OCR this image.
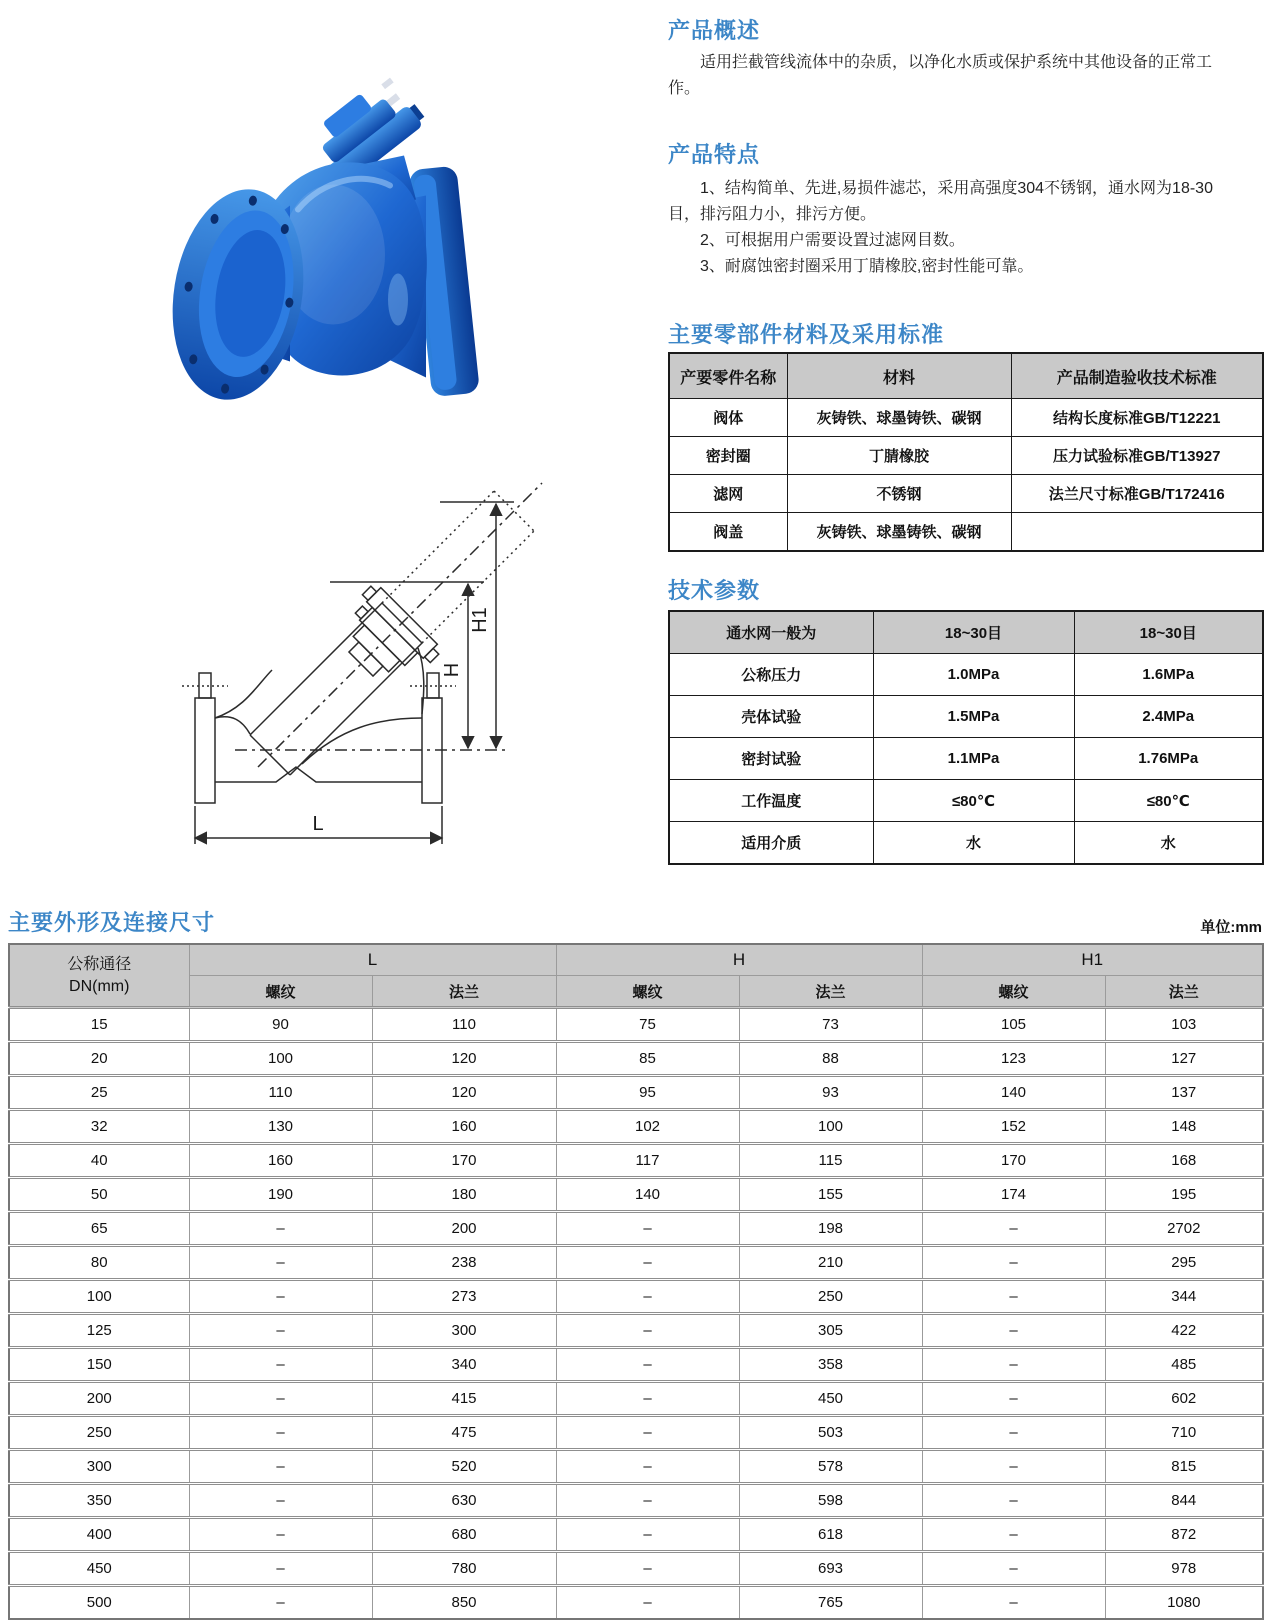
产品概述

适用拦截管线流体中的杂质，以净化水质或保护系统中其他设备的正常工作。

产品特点

1、结构简单、先进,易损件滤芯，采用高强度304不锈钢，通水网为18-30目，排污阻力小，排污方便。

2、可根据用户需要设置过滤网目数。

3、耐腐蚀密封圈采用丁腈橡胶,密封性能可靠。

主要零部件材料及采用标准
产要零件名称	材料	产品制造验收技术标准
阀体	灰铸铁、球墨铸铁、碳钢	结构长度标准GB/T12221
密封圈	丁腈橡胶	压力试验标准GB/T13927
滤网	不锈钢	法兰尺寸标准GB/T172416
阀盖	灰铸铁、球墨铸铁、碳钢	
技术参数
通水网一般为	18~30目	18~30目
公称压力	1.0MPa	1.6MPa
壳体试验	1.5MPa	2.4MPa
密封试验	1.1MPa	1.76MPa
工作温度	≤80℃	≤80℃
适用介质	水	水
L
H
H1
主要外形及连接尺寸	单位:mm
公称通径
DN(mm)	L		H		H1	
	螺纹	法兰	螺纹	法兰	螺纹	法兰
15	90	110	75	73	105	103
20	100	120	85	88	123	127
25	110	120	95	93	140	137
32	130	160	102	100	152	148
40	160	170	117	115	170	168
50	190	180	140	155	174	195
65	–	200	–	198	–	2702
80	–	238	–	210	–	295
100	–	273	–	250	–	344
125	–	300	–	305	–	422
150	–	340	–	358	–	485
200	–	415	–	450	–	602
250	–	475	–	503	–	710
300	–	520	–	578	–	815
350	–	630	–	598	–	844
400	–	680	–	618	–	872
450	–	780	–	693	–	978
500	–	850	–	765	–	1080
